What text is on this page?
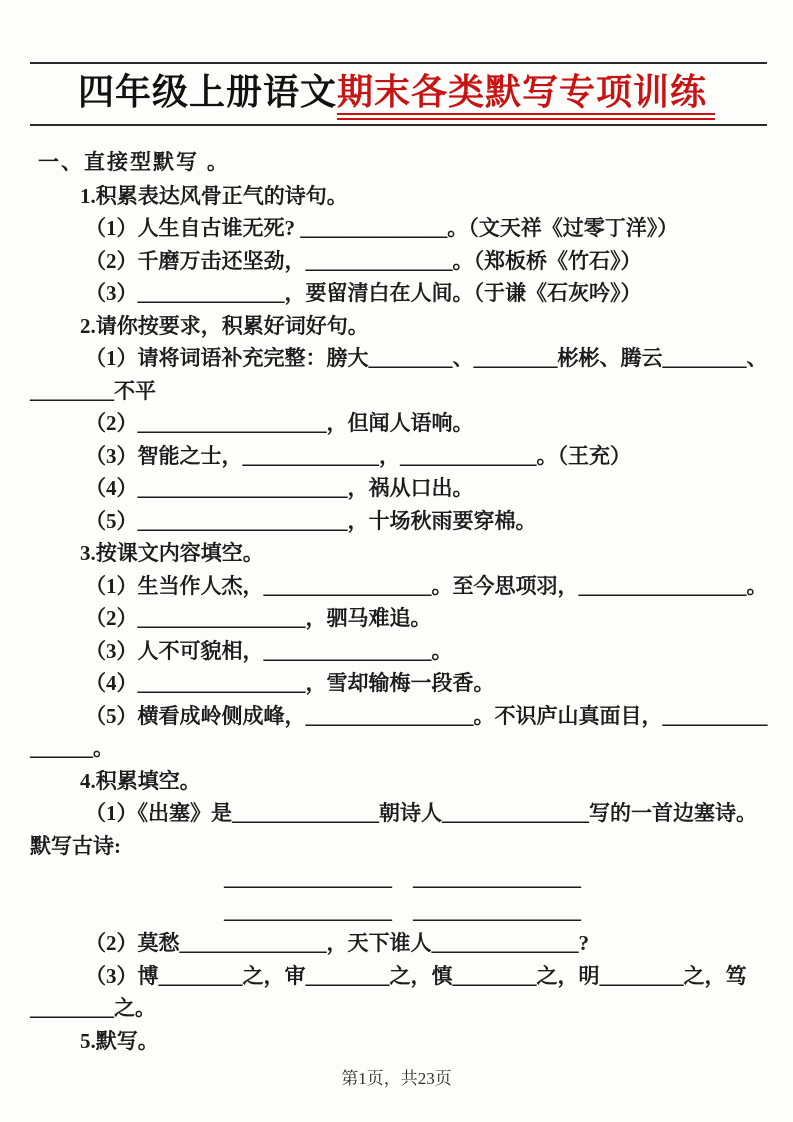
四年级上册语文期末各类默写专项训练
一、直接型默写 。
1.积累表达风骨正气的诗句。
（1）人生自古谁无死? ______________。（文天祥《过零丁洋》）
（2）千磨万击还坚劲，______________。（郑板桥《竹石》）
（3）______________，要留清白在人间。（于谦《石灰吟》）
2.请你按要求，积累好词好句。
（1）请将词语补充完整：膀大________、________彬彬、腾云________、
________不平
（2）__________________，但闻人语响。
（3）智能之士，_____________，_____________。（王充）
（4）____________________，祸从口出。
（5）____________________，十场秋雨要穿棉。
3.按课文内容填空。
（1）生当作人杰，________________。至今思项羽，________________。
（2）________________，驷马难追。
（3）人不可貌相，________________。
（4）________________，雪却输梅一段香。
（5）横看成岭侧成峰，________________。不识庐山真面目，__________
______。
4.积累填空。
（1）《出塞》是______________朝诗人______________写的一首边塞诗。
默写古诗:
________________    ________________
________________    ________________
（2）莫愁______________，天下谁人______________?
（3）博________之，审________之，慎________之，明________之，笃
________之。
5.默写。
第1页，共23页
